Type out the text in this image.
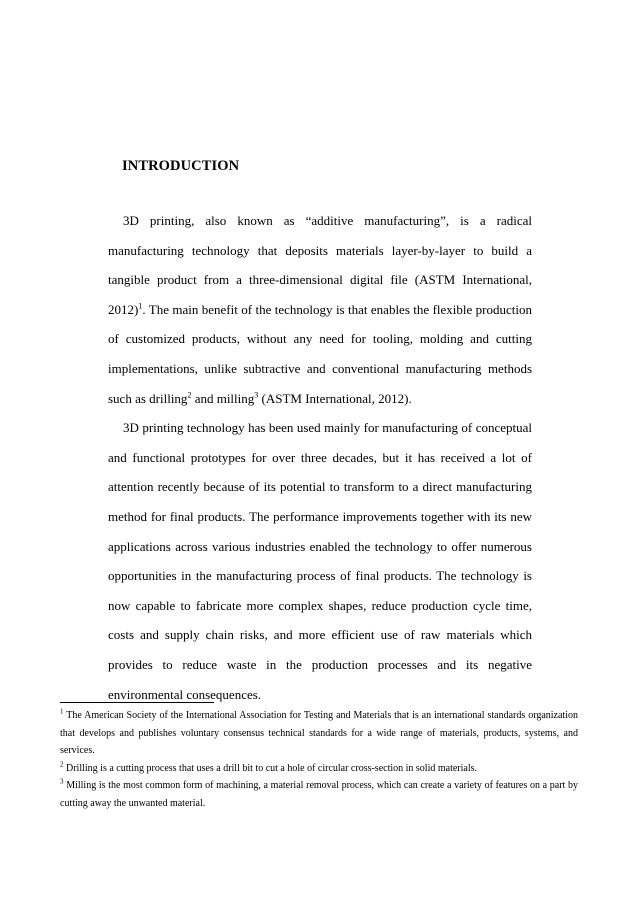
INTRODUCTION

3D printing, also known as “additive manufacturing”, is a radical manufacturing technology that deposits materials layer-by-layer to build a tangible product from a three-dimensional digital file (ASTM International, 2012)$^1$. The main benefit of the technology is that enables the flexible production of customized products, without any need for tooling, molding and cutting implementations, unlike subtractive and conventional manufacturing methods such as drilling$^2$ and milling$^3$ (ASTM International, 2012).

3D printing technology has been used mainly for manufacturing of conceptual and functional prototypes for over three decades, but it has received a lot of attention recently because of its potential to transform to a direct manufacturing method for final products. The performance improvements together with its new applications across various industries enabled the technology to offer numerous opportunities in the manufacturing process of final products. The technology is now capable to fabricate more complex shapes, reduce production cycle time, costs and supply chain risks, and more efficient use of raw materials which provides to reduce waste in the production processes and its negative environmental consequences.

$^1$ The American Society of the International Association for Testing and Materials that is an international standards organization that develops and publishes voluntary consensus technical standards for a wide range of materials, products, systems, and services.

$^2$ Drilling is a cutting process that uses a drill bit to cut a hole of circular cross-section in solid materials.

$^3$ Milling is the most common form of machining, a material removal process, which can create a variety of features on a part by cutting away the unwanted material.
